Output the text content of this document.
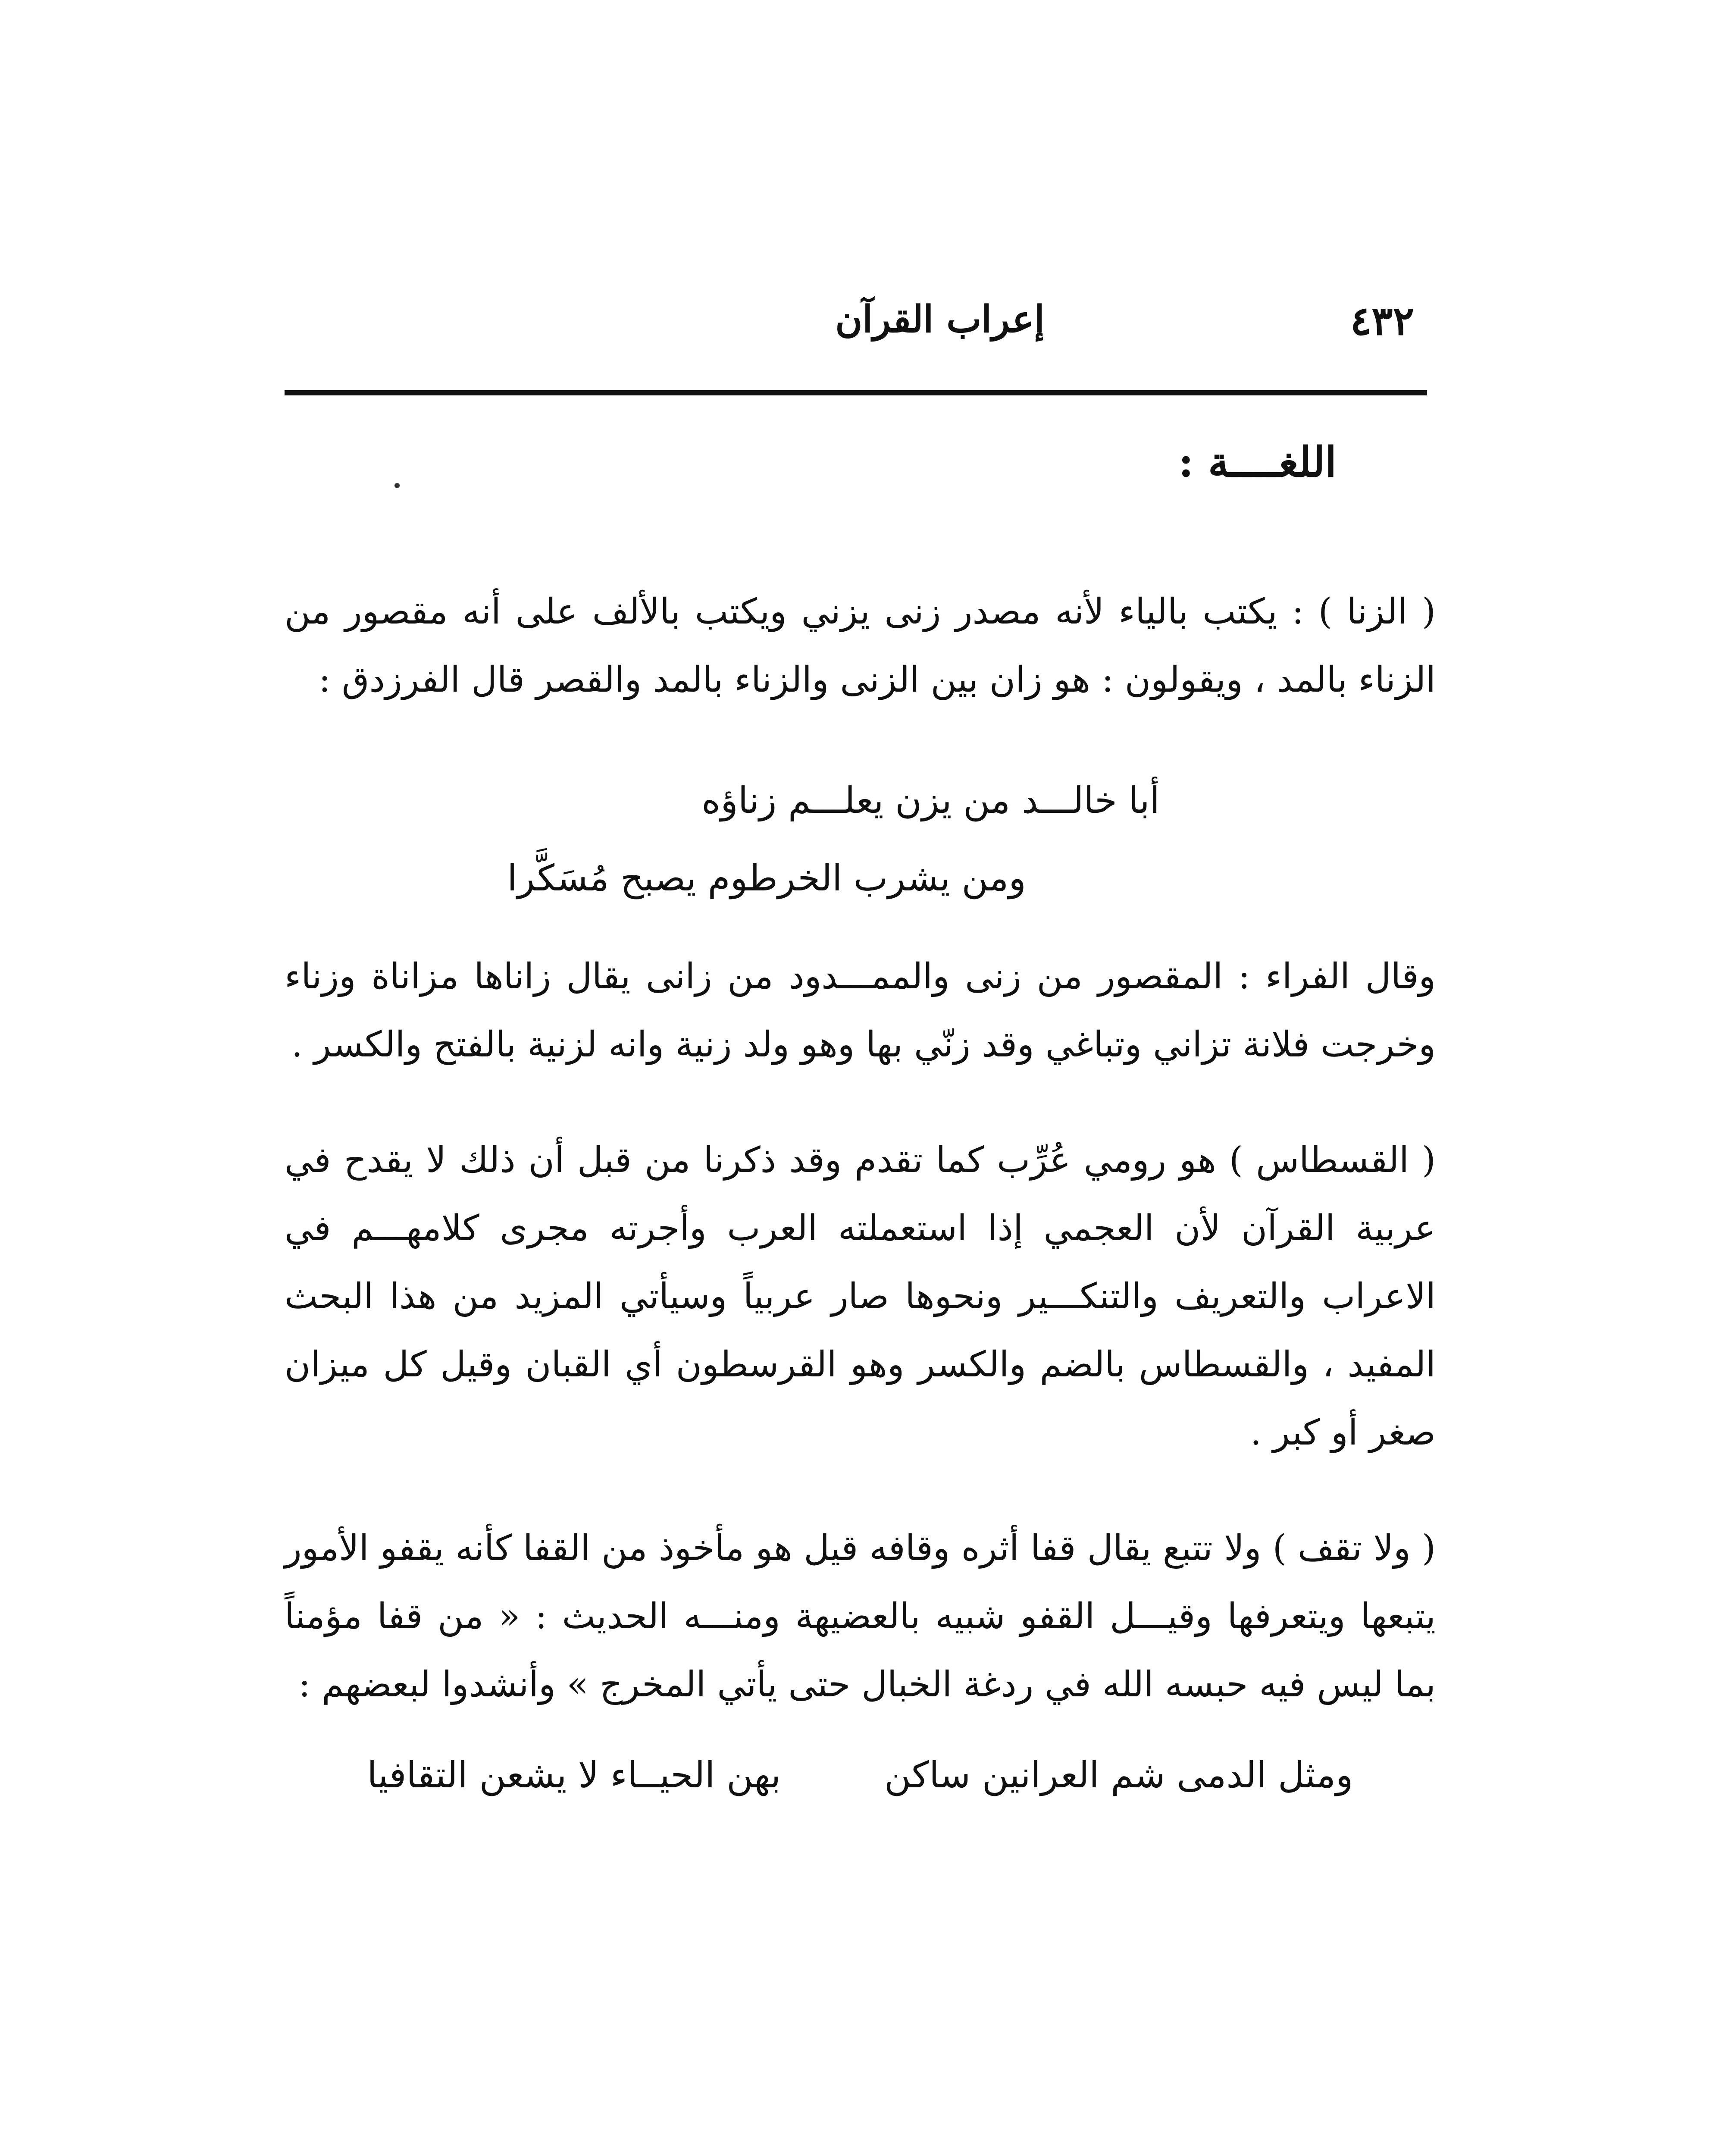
٤٣٢
إعراب القرآن
اللغــــة :

( الزنا ) : يكتب بالياء لأنه مصدر زنى يزني ويكتب بالألف على أنه مقصور من الزناء بالمد ، ويقولون : هو زان بين الزنى والزناء بالمد والقصر قال الفرزدق :

أبا خالـــد من يزن يعلـــم زناؤه
ومن يشرب الخرطوم يصبح مُسَكَّرا

وقال الفراء : المقصور من زنى والممـــدود من زانى يقال زاناها مزاناة وزناء وخرجت فلانة تزاني وتباغي وقد زنّي بها وهو ولد زنية وانه لزنية بالفتح والكسر .

( القسطاس ) هو رومي عُرِّب كما تقدم وقد ذكرنا من قبل أن ذلك لا يقدح في عربية القرآن لأن العجمي إذا استعملته العرب وأجرته مجرى كلامهـــم في الاعراب والتعريف والتنكـــير ونحوها صار عربياً وسيأتي المزيد من هذا البحث المفيد ، والقسطاس بالضم والكسر وهو القرسطون أي القبان وقيل كل ميزان صغر أو كبر .

( ولا تقف ) ولا تتبع يقال قفا أثره وقافه قيل هو مأخوذ من القفا كأنه يقفو الأمور يتبعها ويتعرفها وقيـــل القفو شبيه بالعضيهة ومنـــه الحديث : « من قفا مؤمناً بما ليس فيه حبسه الله في ردغة الخبال حتى يأتي المخرج » وأنشدوا لبعضهم :

ومثل الدمى شم العرانين ساكن
بهن الحيــاء لا يشعن التقافيا
